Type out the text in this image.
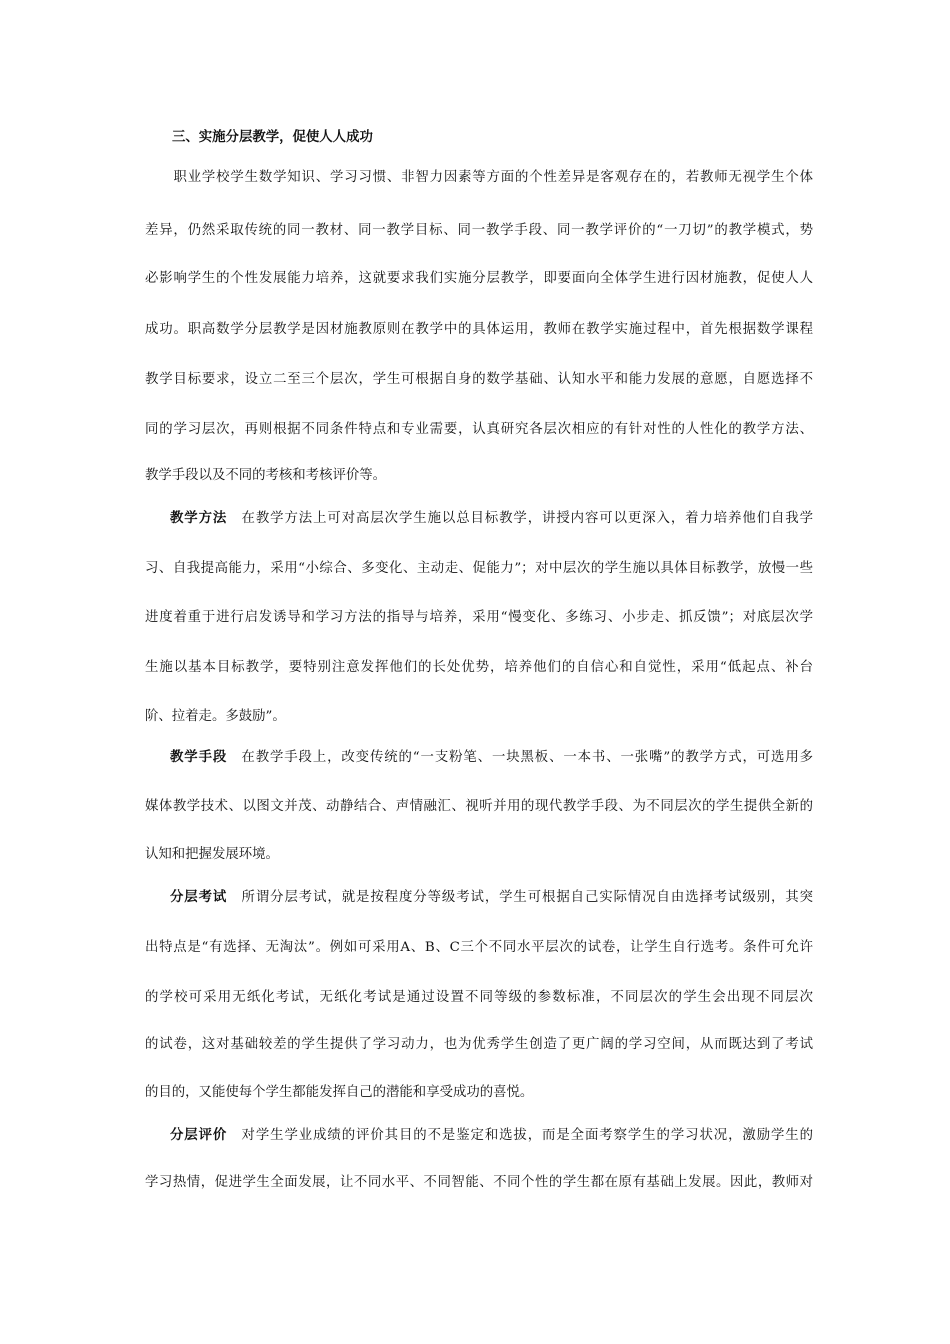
三、实施分层教学，促使人人成功
　　职业学校学生数学知识、学习习惯、非智力因素等方面的个性差异是客观存在的，若教师无视学生个体
差异，仍然采取传统的同一教材、同一教学目标、同一教学手段、同一教学评价的“一刀切”的教学模式，势
必影响学生的个性发展能力培养，这就要求我们实施分层教学，即要面向全体学生进行因材施教，促使人人
成功。职高数学分层教学是因材施教原则在教学中的具体运用，教师在教学实施过程中，首先根据数学课程
教学目标要求，设立二至三个层次，学生可根据自身的数学基础、认知水平和能力发展的意愿，自愿选择不
同的学习层次，再则根据不同条件特点和专业需要，认真研究各层次相应的有针对性的人性化的教学方法、
教学手段以及不同的考核和考核评价等。
教学方法　在教学方法上可对高层次学生施以总目标教学，讲授内容可以更深入，着力培养他们自我学
习、自我提高能力，采用“小综合、多变化、主动走、促能力”；对中层次的学生施以具体目标教学，放慢一些
进度着重于进行启发诱导和学习方法的指导与培养，采用“慢变化、多练习、小步走、抓反馈”；对底层次学
生施以基本目标教学，要特别注意发挥他们的长处优势，培养他们的自信心和自觉性，采用“低起点、补台
阶、拉着走。多鼓励”。
教学手段　在教学手段上，改变传统的“一支粉笔、一块黑板、一本书、一张嘴”的教学方式，可选用多
媒体教学技术、以图文并茂、动静结合、声情融汇、视听并用的现代教学手段、为不同层次的学生提供全新的
认知和把握发展环境。
分层考试　所谓分层考试，就是按程度分等级考试，学生可根据自己实际情况自由选择考试级别，其突
出特点是“有选择、无淘汰”。例如可采用A、B、C三个不同水平层次的试卷，让学生自行选考。条件可允许
的学校可采用无纸化考试，无纸化考试是通过设置不同等级的参数标准，不同层次的学生会出现不同层次
的试卷，这对基础较差的学生提供了学习动力，也为优秀学生创造了更广阔的学习空间，从而既达到了考试
的目的，又能使每个学生都能发挥自己的潜能和享受成功的喜悦。
分层评价　对学生学业成绩的评价其目的不是鉴定和选拔，而是全面考察学生的学习状况，激励学生的
学习热情，促进学生全面发展，让不同水平、不同智能、不同个性的学生都在原有基础上发展。因此，教师对
